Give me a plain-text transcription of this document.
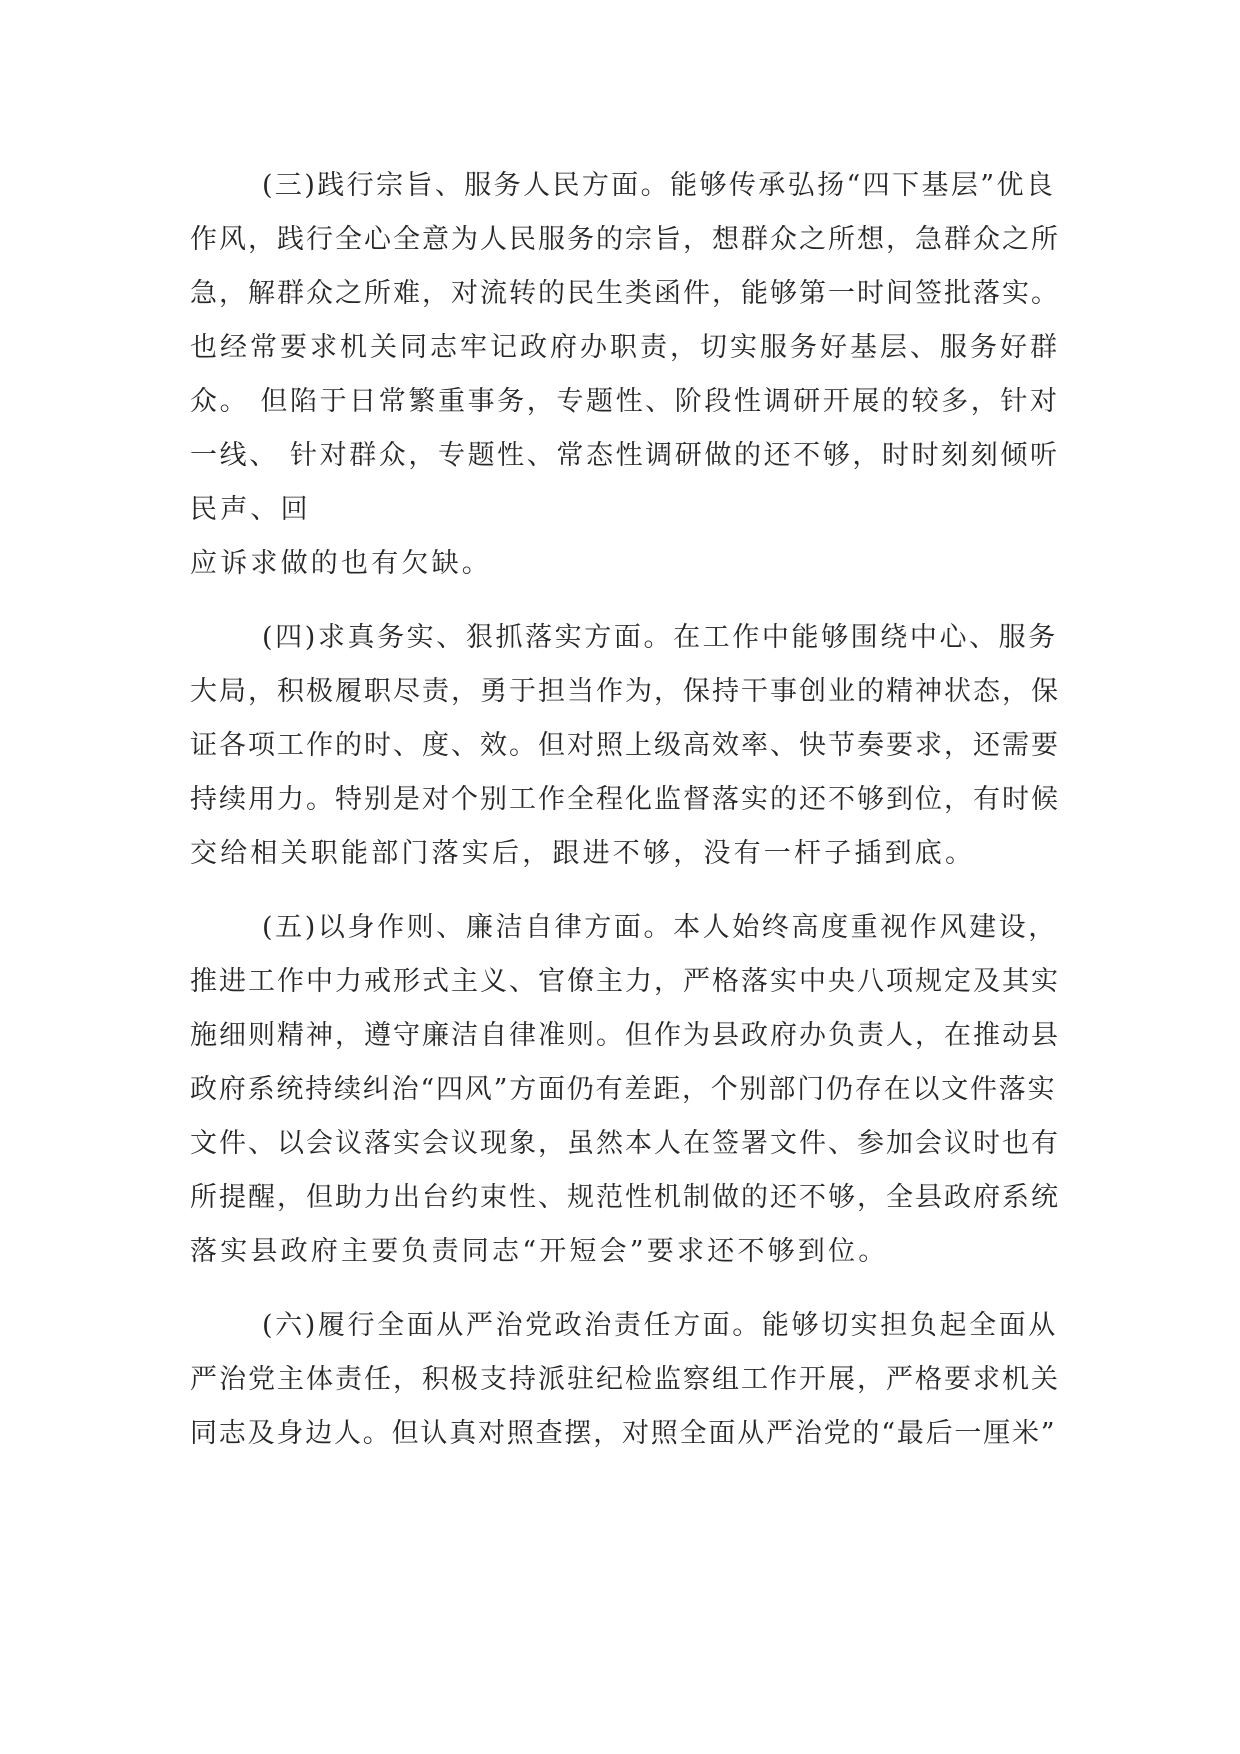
(三)践行宗旨、服务人民方面。能够传承弘扬“四下基层”优良
作风，践行全心全意为人民服务的宗旨，想群众之所想，急群众之所
急，解群众之所难，对流转的民生类函件，能够第一时间签批落实。
也经常要求机关同志牢记政府办职责，切实服务好基层、服务好群
众。 但陷于日常繁重事务，专题性、阶段性调研开展的较多，针对
一线、 针对群众，专题性、常态性调研做的还不够，时时刻刻倾听
民声、回
应诉求做的也有欠缺。
(四)求真务实、狠抓落实方面。在工作中能够围绕中心、服务
大局，积极履职尽责，勇于担当作为，保持干事创业的精神状态，保
证各项工作的时、度、效。但对照上级高效率、快节奏要求，还需要
持续用力。特别是对个别工作全程化监督落实的还不够到位，有时候
交给相关职能部门落实后，跟进不够，没有一杆子插到底。
(五)以身作则、廉洁自律方面。本人始终高度重视作风建设，
推进工作中力戒形式主义、官僚主力，严格落实中央八项规定及其实
施细则精神，遵守廉洁自律准则。但作为县政府办负责人，在推动县
政府系统持续纠治“四风”方面仍有差距，个别部门仍存在以文件落实
文件、以会议落实会议现象，虽然本人在签署文件、参加会议时也有
所提醒，但助力出台约束性、规范性机制做的还不够，全县政府系统
落实县政府主要负责同志“开短会”要求还不够到位。
(六)履行全面从严治党政治责任方面。能够切实担负起全面从
严治党主体责任，积极支持派驻纪检监察组工作开展，严格要求机关
同志及身边人。但认真对照查摆，对照全面从严治党的“最后一厘米”
